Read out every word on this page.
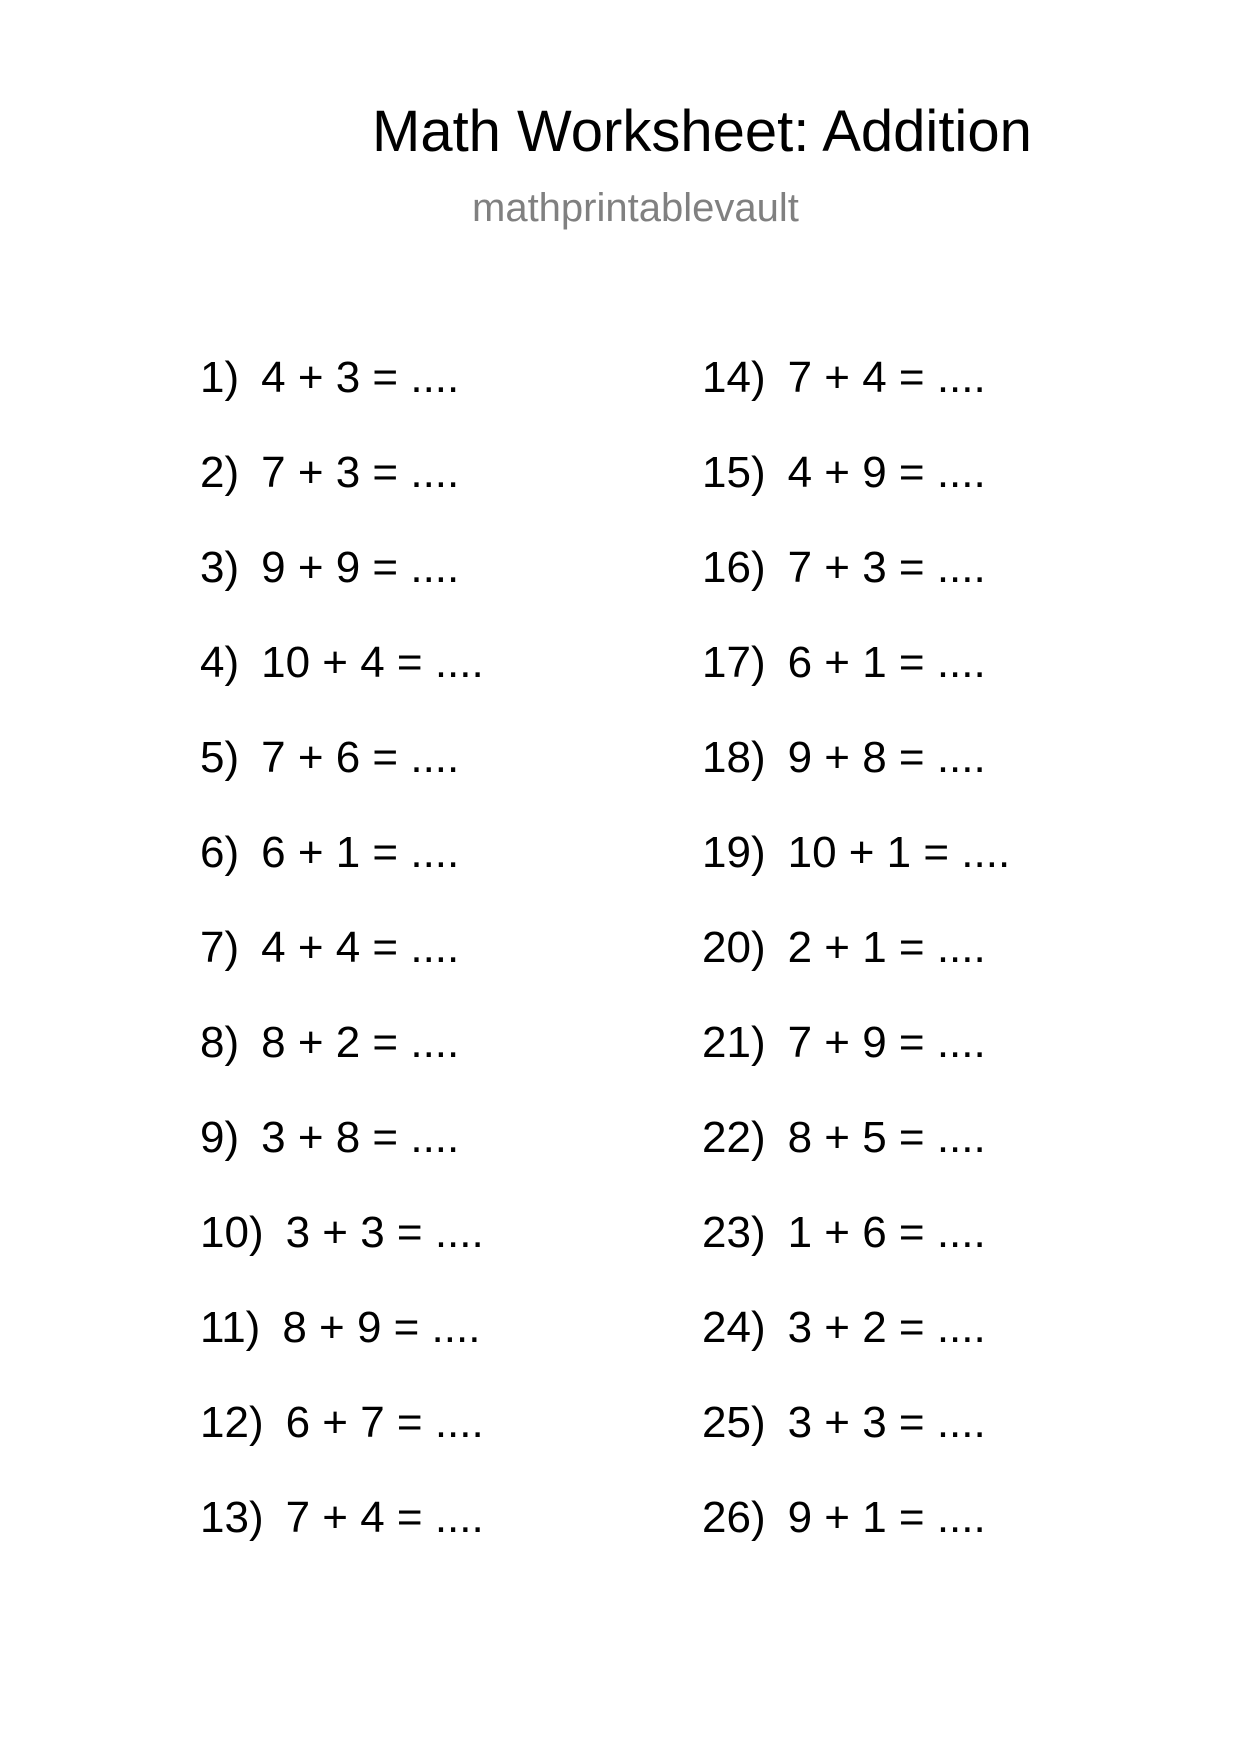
Math Worksheet: Addition
mathprintablevault
1) 4 + 3 = ....
2) 7 + 3 = ....
3) 9 + 9 = ....
4) 10 + 4 = ....
5) 7 + 6 = ....
6) 6 + 1 = ....
7) 4 + 4 = ....
8) 8 + 2 = ....
9) 3 + 8 = ....
10) 3 + 3 = ....
11) 8 + 9 = ....
12) 6 + 7 = ....
13) 7 + 4 = ....
14) 7 + 4 = ....
15) 4 + 9 = ....
16) 7 + 3 = ....
17) 6 + 1 = ....
18) 9 + 8 = ....
19) 10 + 1 = ....
20) 2 + 1 = ....
21) 7 + 9 = ....
22) 8 + 5 = ....
23) 1 + 6 = ....
24) 3 + 2 = ....
25) 3 + 3 = ....
26) 9 + 1 = ....
